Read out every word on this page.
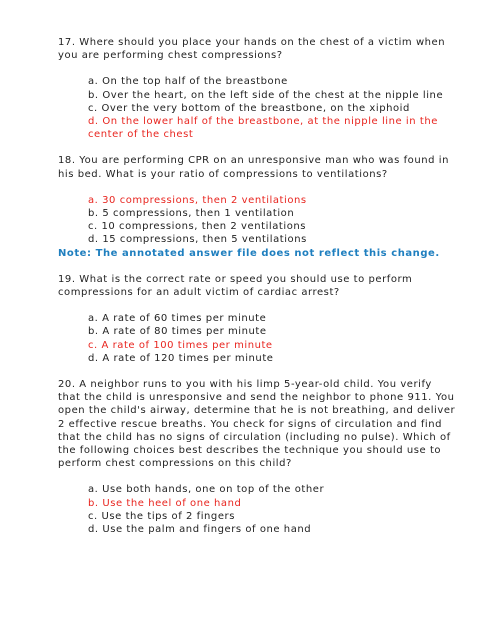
17. Where should you place your hands on the chest of a victim when you are performing chest compressions?

a. On the top half of the breastbone
b. Over the heart, on the left side of the chest at the nipple line
c. Over the very bottom of the breastbone, on the xiphoid
d. On the lower half of the breastbone, at the nipple line in the center of the chest

18. You are performing CPR on an unresponsive man who was found in his bed. What is your ratio of compressions to ventilations?

a. 30 compressions, then 2 ventilations
b. 5 compressions, then 1 ventilation
c. 10 compressions, then 2 ventilations
d. 15 compressions, then 5 ventilations

Note: The annotated answer file does not reflect this change.

19. What is the correct rate or speed you should use to perform compressions for an adult victim of cardiac arrest?

a. A rate of 60 times per minute
b. A rate of 80 times per minute
c. A rate of 100 times per minute
d. A rate of 120 times per minute

20. A neighbor runs to you with his limp 5-year-old child. You verify that the child is unresponsive and send the neighbor to phone 911. You open the child's airway, determine that he is not breathing, and deliver 2 effective rescue breaths. You check for signs of circulation and find that the child has no signs of circulation (including no pulse). Which of the following choices best describes the technique you should use to perform chest compressions on this child?

a. Use both hands, one on top of the other
b. Use the heel of one hand
c. Use the tips of 2 fingers
d. Use the palm and fingers of one hand
